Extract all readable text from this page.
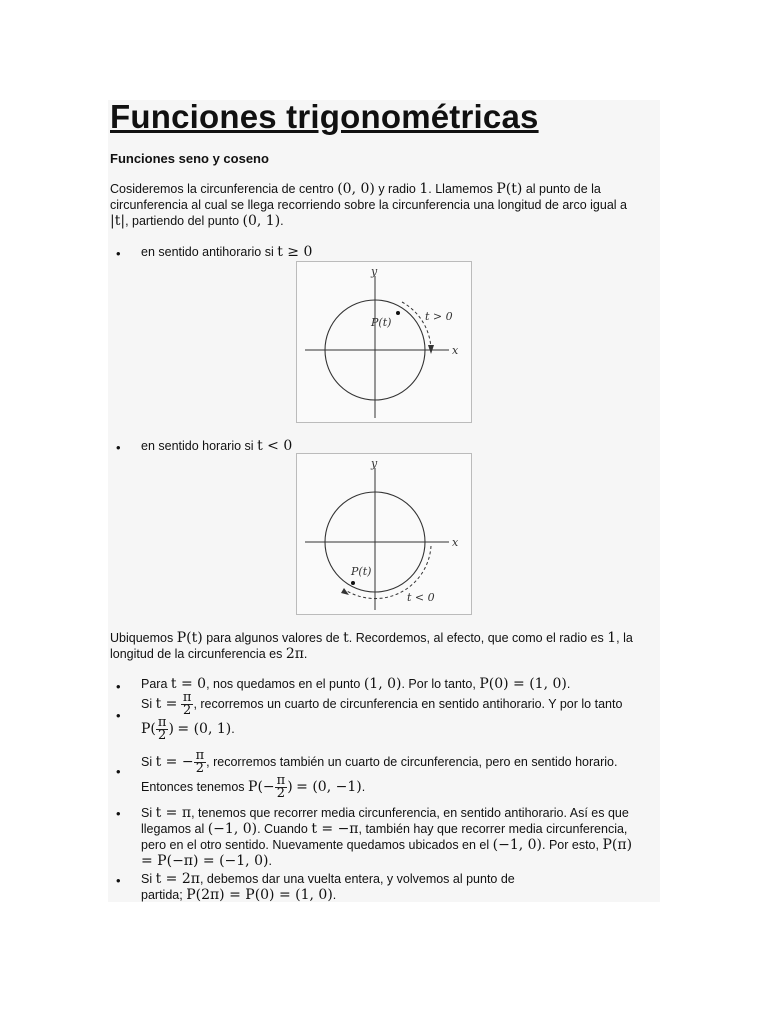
Funciones trigonométricas
Funciones seno y coseno

Cosideremos la circunferencia de centro (0, 0) y radio 1. Llamemos P(t) al punto de la circunferencia al cual se llega recorriendo sobre la circunferencia una longitud de arco igual a |t|, partiendo del punto (0, 1).

• en sentido antihorario si t ≥ 0

y
x
P(t)	t > 0
• en sentido horario si t < 0

y
x
P(t)
t < 0

Ubiquemos P(t) para algunos valores de t. Recordemos, al efecto, que como el radio es 1, la longitud de la circunferencia es 2π.

• Para t = 0, nos quedamos en el punto (1, 0). Por lo tanto, P(0) = (1, 0).

•

Si $t = \frac{\pi}{2}$ , recorremos un cuarto de circunferencia en sentido antihorario. Y por lo tanto $P( \frac{\pi}{2}$ ) = (0, 1).

•

Si t = − $\frac{\pi}{2}$ , recorremos también un cuarto de circunferencia, pero en sentido horario. Entonces tenemos $P(- \frac{\pi}{2}$ ) = (0, −1).

• Si t = π, tenemos que recorrer media circunferencia, en sentido antihorario. Así es que llegamos al (−1, 0). Cuando t = −π, también hay que recorrer media circunferencia, pero en el otro sentido. Nuevamente quedamos ubicados en el (−1, 0). Por esto, P(π) = P(−π) = (−1, 0).

• Si t = 2π, debemos dar una vuelta entera, y volvemos al punto de partida; P(2π) = P(0) = (1, 0).
